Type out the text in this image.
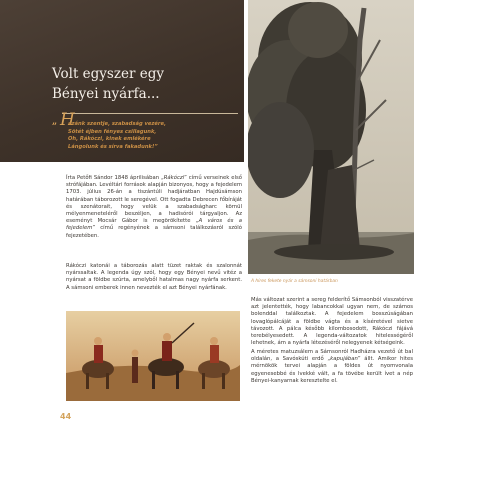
Volt egyszer egy
Bényei nyárfa...
„ H
azánk szentje, szabadság vezére,
Sötét éjben fényes csillagunk,
Oh, Rákóczi, kinek emlékére
Lángolunk és sírva fakadunk!”
A híres fekete nyár a sámsoni határban

Írta Petőfi Sándor 1848 áprilisában „Rákóczi” című verseinek első strófájában. Levéltári források alapján bizonyos, hogy a fejedelem 1703. július 26-án a tiszántúli hadjáratban Hajdúsámson határában táborozott le seregével. Ott fogadta Debrecen főbíráját és szenátorait, hogy velük a szabadságharc körnül mélyenmeneteléről beszéljen, a hadisórói tárgyaljon. Az eseményt Mocsár Gábor is megörökítette „A város és a fejedelem” című regényének a sámsoni találkozásról szóló fejezetében.

Rákóczi katonái a táborozás alatt tüzet raktak és szalonnát nyárssaltak. A legenda úgy szól, hogy egy Bényei nevű vitéz a nyársat a földbe szúrta, amelyből hatalmas nagy nyárfa serkent. A sámsoni emberek innen nevezték el azt Bényei nyárfának.

Más változat szerint a sereg felderítő Sámsonból visszatérve azt jelentették, hogy labancokkal ugyan nem, de számos bolenddal találkoztak. A fejedelem bosszúságában lovaglópálcáját a földbe vágta és a kíséretével sietve távozott. A pálca később kilombosodott, Rákóczi fájává terebélyesedett. A legenda-változatok hitelességéről lehetnek, ám a nyárfa létezéséről nelegyenek kétségeink.

A méretes matuzsálem a Sámsonról Hadházra vezető út bal oldalán, a Savóskúti erdő „kapujában” állt. Amikor hites mérnökök tervei alapján a földes út nyomvonala egyenesebbé és lvekké vált, a fa tövébe került ívet a nép Bényei-kanyarnak keresztelte el.

44
